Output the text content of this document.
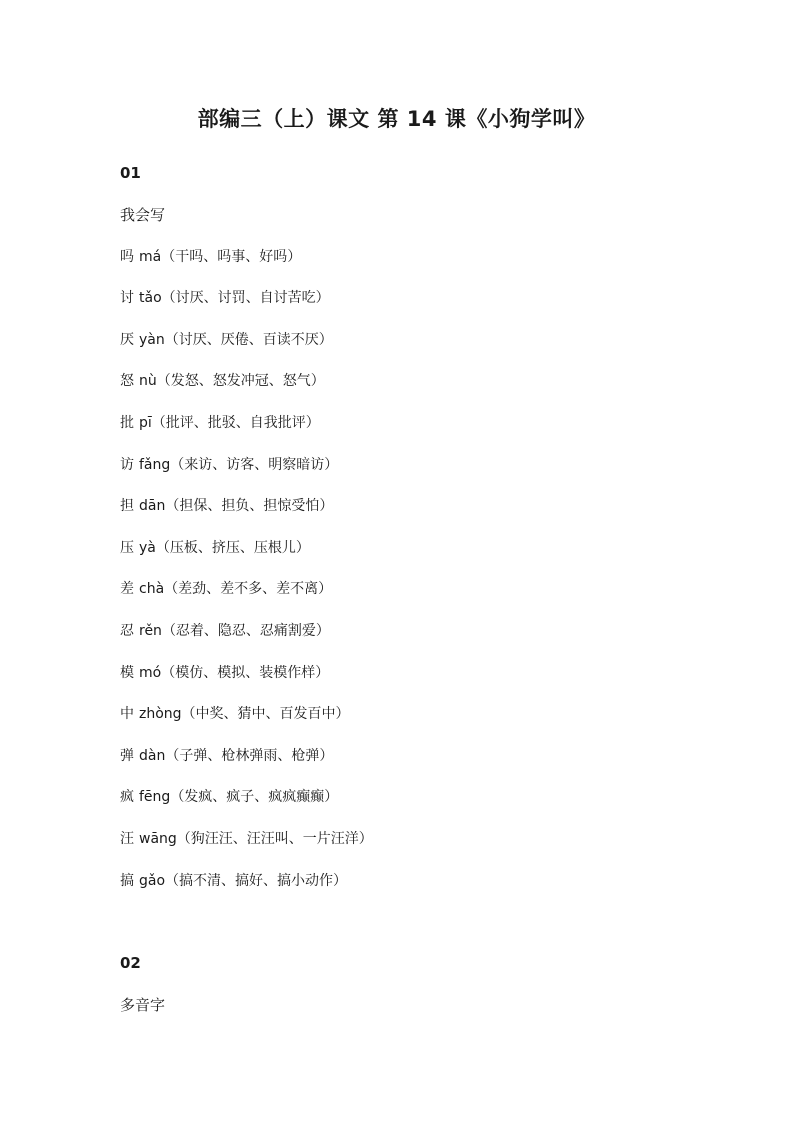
部编三（上）课文 第 14 课《小狗学叫》
01
我会写
吗 má（干吗、吗事、好吗）
讨 tǎo（讨厌、讨罚、自讨苦吃）
厌 yàn（讨厌、厌倦、百读不厌）
怒 nù（发怒、怒发冲冠、怒气）
批 pī（批评、批驳、自我批评）
访 fǎng（来访、访客、明察暗访）
担 dān（担保、担负、担惊受怕）
压 yà（压板、挤压、压根儿）
差 chà（差劲、差不多、差不离）
忍 rěn（忍着、隐忍、忍痛割爱）
模 mó（模仿、模拟、装模作样）
中 zhòng（中奖、猜中、百发百中）
弹 dàn（子弹、枪林弹雨、枪弹）
疯 fēng（发疯、疯子、疯疯癫癫）
汪 wāng（狗汪汪、汪汪叫、一片汪洋）
搞 gǎo（搞不清、搞好、搞小动作）
02
多音字
